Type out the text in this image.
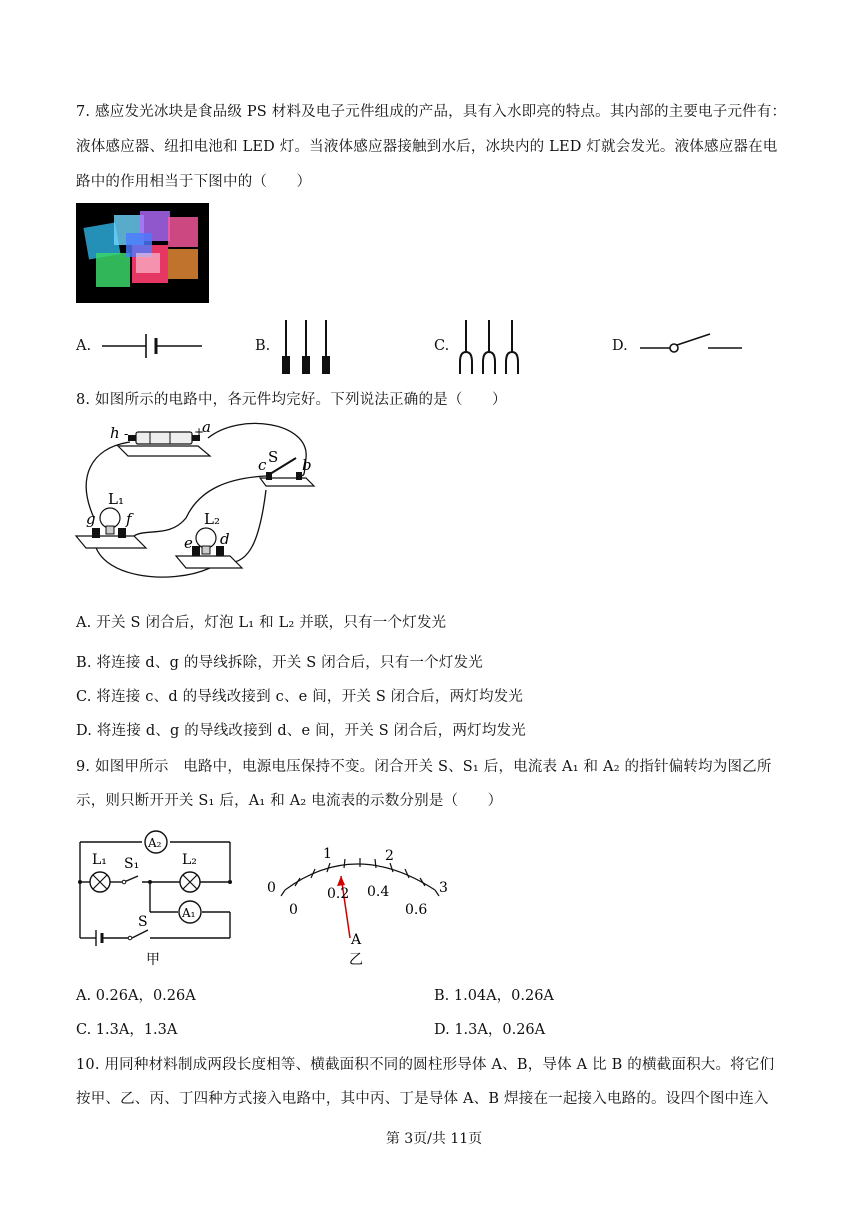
7. 感应发光冰块是食品级 PS 材料及电子元件组成的产品，具有入水即亮的特点。其内部的主要电子元件有：
液体感应器、纽扣电池和 LED 灯。当液体感应器接触到水后，冰块内的 LED 灯就会发光。液体感应器在电
路中的作用相当于下图中的（　　）
A.	B.	C.	D.
8. 如图所示的电路中，各元件均完好。下列说法正确的是（　　）
h -	+
a
S
c b
L₁
g f	L₂
e d
A. 开关 S 闭合后，灯泡 L₁ 和 L₂ 并联，只有一个灯发光
B. 将连接 d、g 的导线拆除，开关 S 闭合后，只有一个灯发光
C. 将连接 c、d 的导线改接到 c、e 间，开关 S 闭合后，两灯均发光
D. 将连接 d、g 的导线改接到 d、e 间，开关 S 闭合后，两灯均发光
9. 如图甲所示　电路中，电源电压保持不变。闭合开关 S、S₁ 后，电流表 A₁ 和 A₂ 的指针偏转均为图乙所
示，则只断开开关 S₁ 后，A₁ 和 A₂ 电流表的示数分别是（　　）
A₂
L₁ S₁	L₂
A₁
S
甲
1	2
3
0
0
0.2 0.4
0.6
A
乙
A. 0.26A，0.26A	B. 1.04A，0.26A
C. 1.3A，1.3A	D. 1.3A，0.26A
10. 用同种材料制成两段长度相等、横截面积不同的圆柱形导体 A、B，导体 A 比 B 的横截面积大。将它们
按甲、乙、丙、丁四种方式接入电路中，其中丙、丁是导体 A、B 焊接在一起接入电路的。设四个图中连入
第 3页/共 11页
